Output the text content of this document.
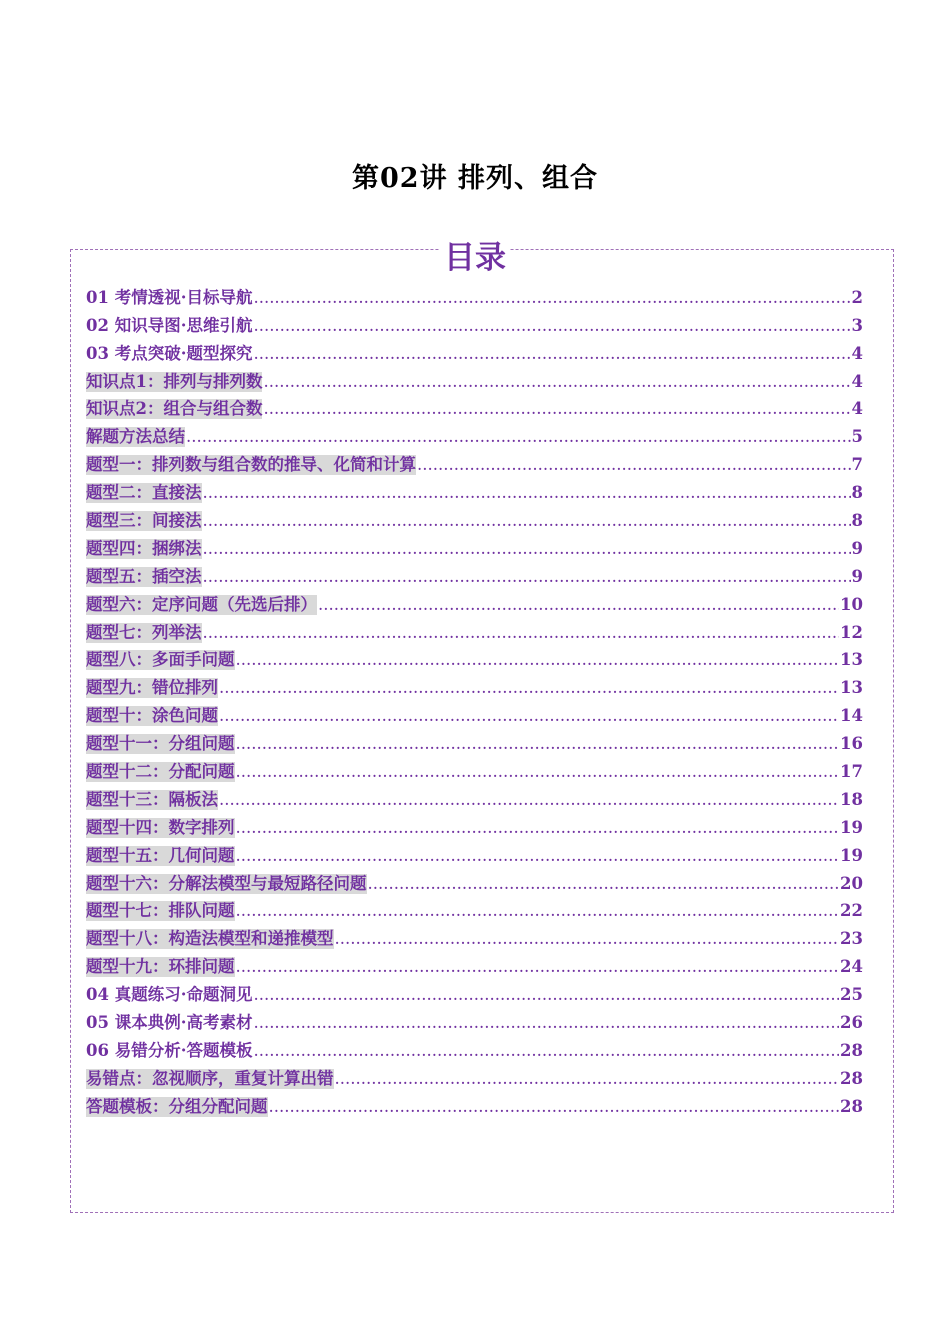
第02讲 排列、组合
目录
01 考情透视·目标导航 .....	2
02 知识导图·思维引航 .....	3
03 考点突破·题型探究 .....	4
知识点1：排列与排列数 .....	4
知识点2：组合与组合数 .....	4
解题方法总结 .....	5
题型一：排列数与组合数的推导、化简和计算 .....	7
题型二：直接法 .....	8
题型三：间接法 .....	8
题型四：捆绑法 .....	9
题型五：插空法 .....	9
题型六：定序问题（先选后排） .....	10
题型七：列举法 .....	12
题型八：多面手问题 .....	13
题型九：错位排列 .....	13
题型十：涂色问题 .....	14
题型十一：分组问题 .....	16
题型十二：分配问题 .....	17
题型十三：隔板法 .....	18
题型十四：数字排列 .....	19
题型十五：几何问题 .....	19
题型十六：分解法模型与最短路径问题 .....	20
题型十七：排队问题 .....	22
题型十八：构造法模型和递推模型 .....	23
题型十九：环排问题 .....	24
04 真题练习·命题洞见 .....	25
05 课本典例·高考素材 .....	26
06 易错分析·答题模板 .....	28
易错点：忽视顺序，重复计算出错 .....	28
答题模板：分组分配问题 .....	28
